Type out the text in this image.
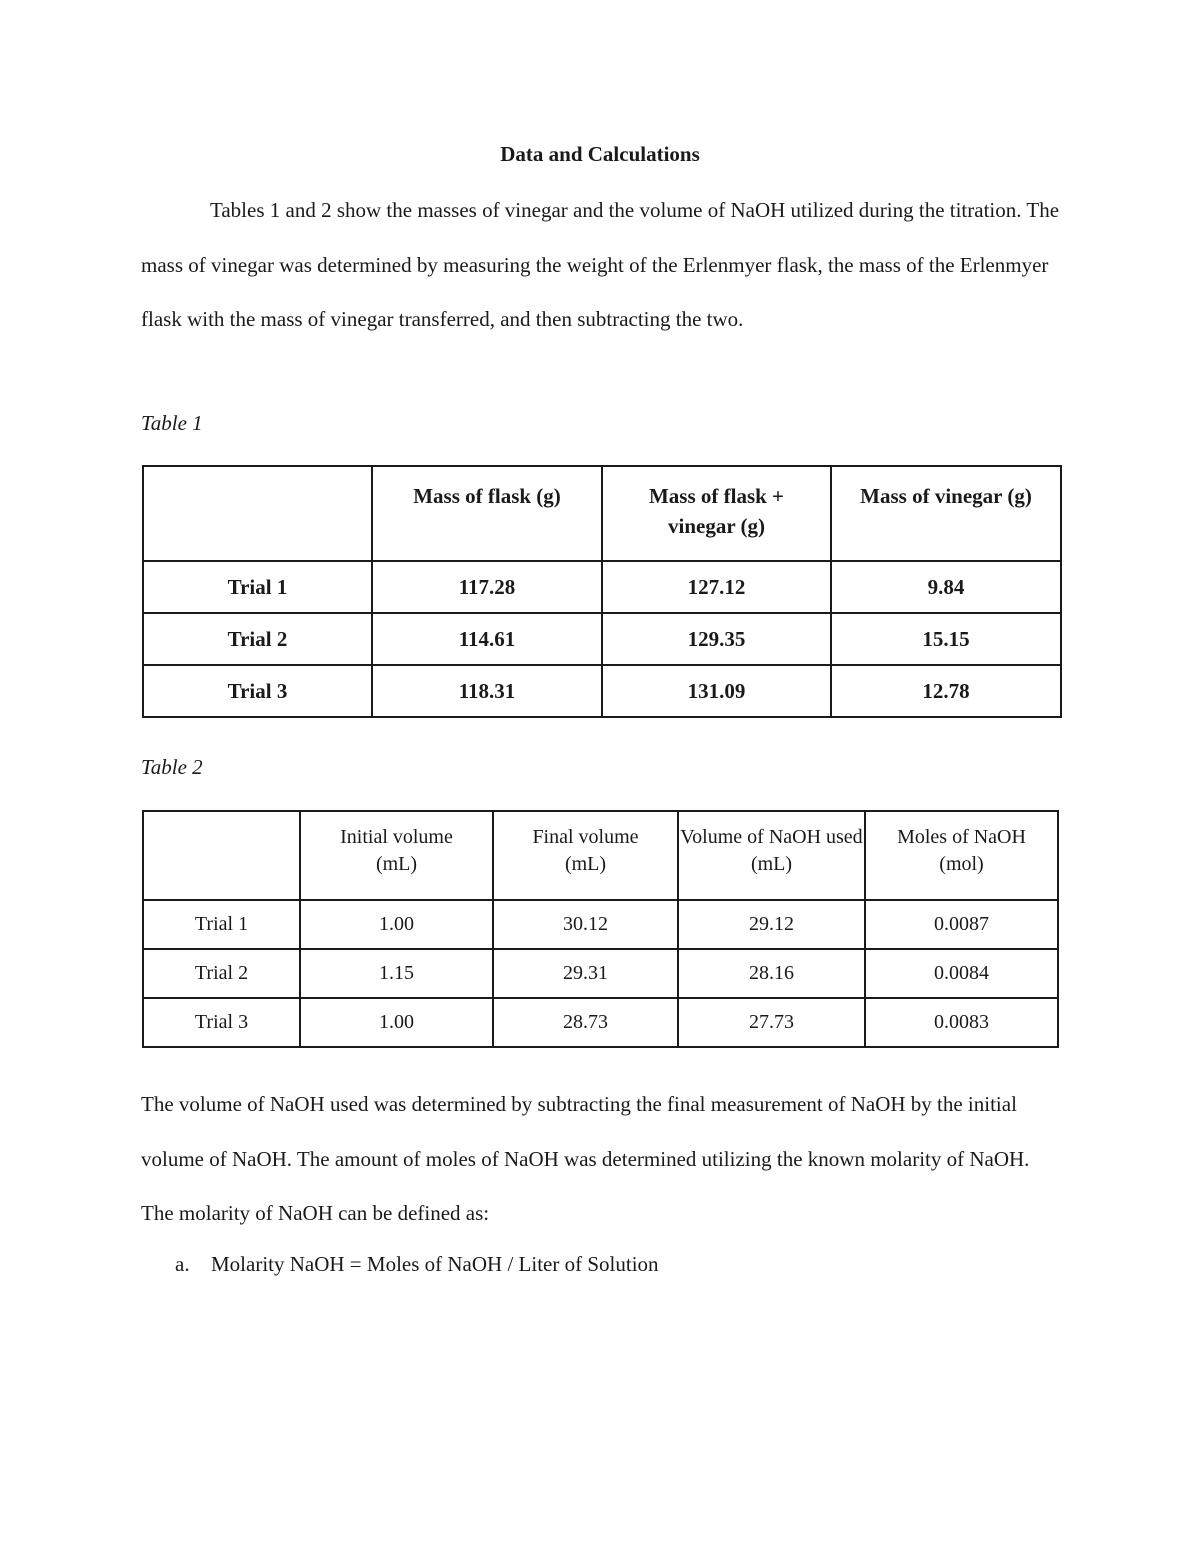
Data and Calculations

Tables 1 and 2 show the masses of vinegar and the volume of NaOH utilized during the titration. The mass of vinegar was determined by measuring the weight of the Erlenmyer flask, the mass of the Erlenmyer flask with the mass of vinegar transferred, and then subtracting the two.

Table 1

	Mass of flask (g)	Mass of flask + vinegar (g)	Mass of vinegar (g)
Trial 1	117.28	127.12	9.84
Trial 2	114.61	129.35	15.15
Trial 3	118.31	131.09	12.78

Table 2

	Initial volume (mL)	Final volume (mL)	Volume of NaOH used (mL)	Moles of NaOH (mol)
Trial 1	1.00	30.12	29.12	0.0087
Trial 2	1.15	29.31	28.16	0.0084
Trial 3	1.00	28.73	27.73	0.0083

The volume of NaOH used was determined by subtracting the final measurement of NaOH by the initial volume of NaOH. The amount of moles of NaOH was determined utilizing the known molarity of NaOH. The molarity of NaOH can be defined as:

a. Molarity NaOH = Moles of NaOH / Liter of Solution
